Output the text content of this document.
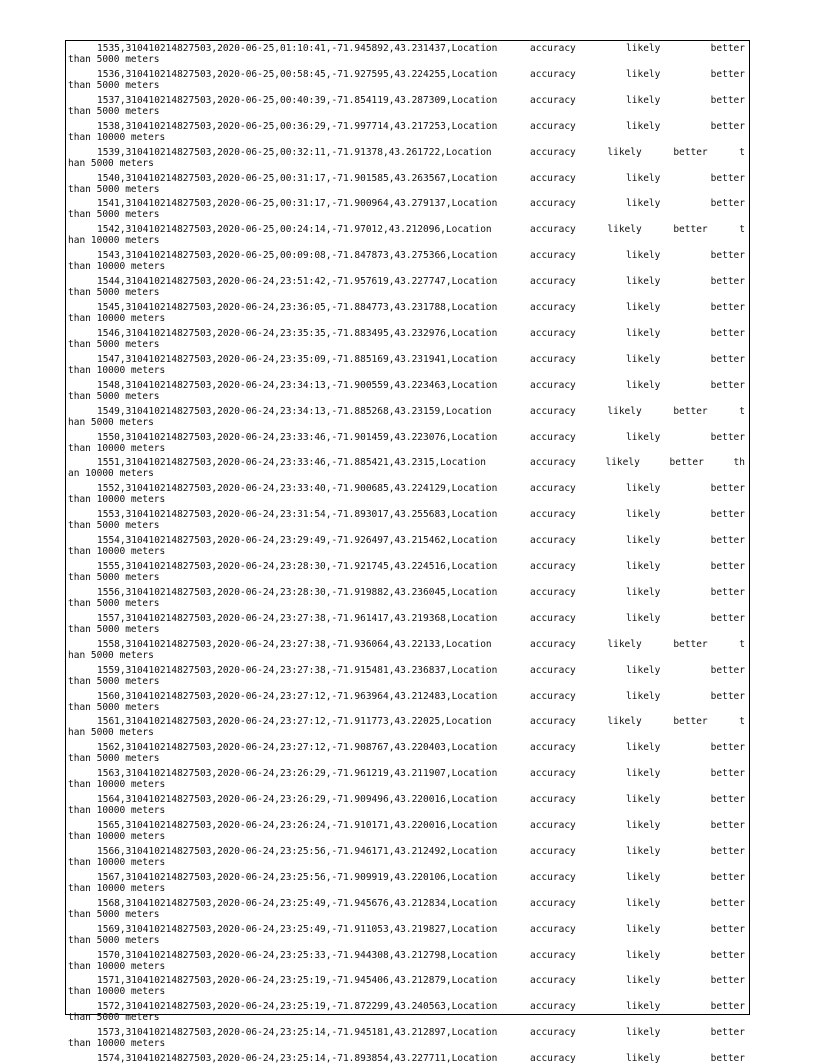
1535,310410214827503,2020-06-25,01:10:41,-71.945892,43.231437,Location	accuracy	likely	better
than 5000 meters
1536,310410214827503,2020-06-25,00:58:45,-71.927595,43.224255,Location	accuracy	likely	better
than 5000 meters
1537,310410214827503,2020-06-25,00:40:39,-71.854119,43.287309,Location	accuracy	likely	better
than 5000 meters
1538,310410214827503,2020-06-25,00:36:29,-71.997714,43.217253,Location	accuracy	likely	better
than 10000 meters
1539,310410214827503,2020-06-25,00:32:11,-71.91378,43.261722,Location	accuracy	likely	better	t
han 5000 meters
1540,310410214827503,2020-06-25,00:31:17,-71.901585,43.263567,Location	accuracy	likely	better
than 5000 meters
1541,310410214827503,2020-06-25,00:31:17,-71.900964,43.279137,Location	accuracy	likely	better
than 5000 meters
1542,310410214827503,2020-06-25,00:24:14,-71.97012,43.212096,Location	accuracy	likely	better	t
han 10000 meters
1543,310410214827503,2020-06-25,00:09:08,-71.847873,43.275366,Location	accuracy	likely	better
than 10000 meters
1544,310410214827503,2020-06-24,23:51:42,-71.957619,43.227747,Location	accuracy	likely	better
than 5000 meters
1545,310410214827503,2020-06-24,23:36:05,-71.884773,43.231788,Location	accuracy	likely	better
than 10000 meters
1546,310410214827503,2020-06-24,23:35:35,-71.883495,43.232976,Location	accuracy	likely	better
than 5000 meters
1547,310410214827503,2020-06-24,23:35:09,-71.885169,43.231941,Location	accuracy	likely	better
than 10000 meters
1548,310410214827503,2020-06-24,23:34:13,-71.900559,43.223463,Location	accuracy	likely	better
than 5000 meters
1549,310410214827503,2020-06-24,23:34:13,-71.885268,43.23159,Location	accuracy	likely	better	t
han 5000 meters
1550,310410214827503,2020-06-24,23:33:46,-71.901459,43.223076,Location	accuracy	likely	better
than 10000 meters
1551,310410214827503,2020-06-24,23:33:46,-71.885421,43.2315,Location	accuracy	likely	better	th
an 10000 meters
1552,310410214827503,2020-06-24,23:33:40,-71.900685,43.224129,Location	accuracy	likely	better
than 10000 meters
1553,310410214827503,2020-06-24,23:31:54,-71.893017,43.255683,Location	accuracy	likely	better
than 5000 meters
1554,310410214827503,2020-06-24,23:29:49,-71.926497,43.215462,Location	accuracy	likely	better
than 10000 meters
1555,310410214827503,2020-06-24,23:28:30,-71.921745,43.224516,Location	accuracy	likely	better
than 5000 meters
1556,310410214827503,2020-06-24,23:28:30,-71.919882,43.236045,Location	accuracy	likely	better
than 5000 meters
1557,310410214827503,2020-06-24,23:27:38,-71.961417,43.219368,Location	accuracy	likely	better
than 5000 meters
1558,310410214827503,2020-06-24,23:27:38,-71.936064,43.22133,Location	accuracy	likely	better	t
han 5000 meters
1559,310410214827503,2020-06-24,23:27:38,-71.915481,43.236837,Location	accuracy	likely	better
than 5000 meters
1560,310410214827503,2020-06-24,23:27:12,-71.963964,43.212483,Location	accuracy	likely	better
than 5000 meters
1561,310410214827503,2020-06-24,23:27:12,-71.911773,43.22025,Location	accuracy	likely	better	t
han 5000 meters
1562,310410214827503,2020-06-24,23:27:12,-71.908767,43.220403,Location	accuracy	likely	better
than 5000 meters
1563,310410214827503,2020-06-24,23:26:29,-71.961219,43.211907,Location	accuracy	likely	better
than 10000 meters
1564,310410214827503,2020-06-24,23:26:29,-71.909496,43.220016,Location	accuracy	likely	better
than 10000 meters
1565,310410214827503,2020-06-24,23:26:24,-71.910171,43.220016,Location	accuracy	likely	better
than 10000 meters
1566,310410214827503,2020-06-24,23:25:56,-71.946171,43.212492,Location	accuracy	likely	better
than 10000 meters
1567,310410214827503,2020-06-24,23:25:56,-71.909919,43.220106,Location	accuracy	likely	better
than 10000 meters
1568,310410214827503,2020-06-24,23:25:49,-71.945676,43.212834,Location	accuracy	likely	better
than 5000 meters
1569,310410214827503,2020-06-24,23:25:49,-71.911053,43.219827,Location	accuracy	likely	better
than 5000 meters
1570,310410214827503,2020-06-24,23:25:33,-71.944308,43.212798,Location	accuracy	likely	better
than 10000 meters
1571,310410214827503,2020-06-24,23:25:19,-71.945406,43.212879,Location	accuracy	likely	better
than 10000 meters
1572,310410214827503,2020-06-24,23:25:19,-71.872299,43.240563,Location	accuracy	likely	better
than 5000 meters
1573,310410214827503,2020-06-24,23:25:14,-71.945181,43.212897,Location	accuracy	likely	better
than 10000 meters
1574,310410214827503,2020-06-24,23:25:14,-71.893854,43.227711,Location	accuracy	likely	better
